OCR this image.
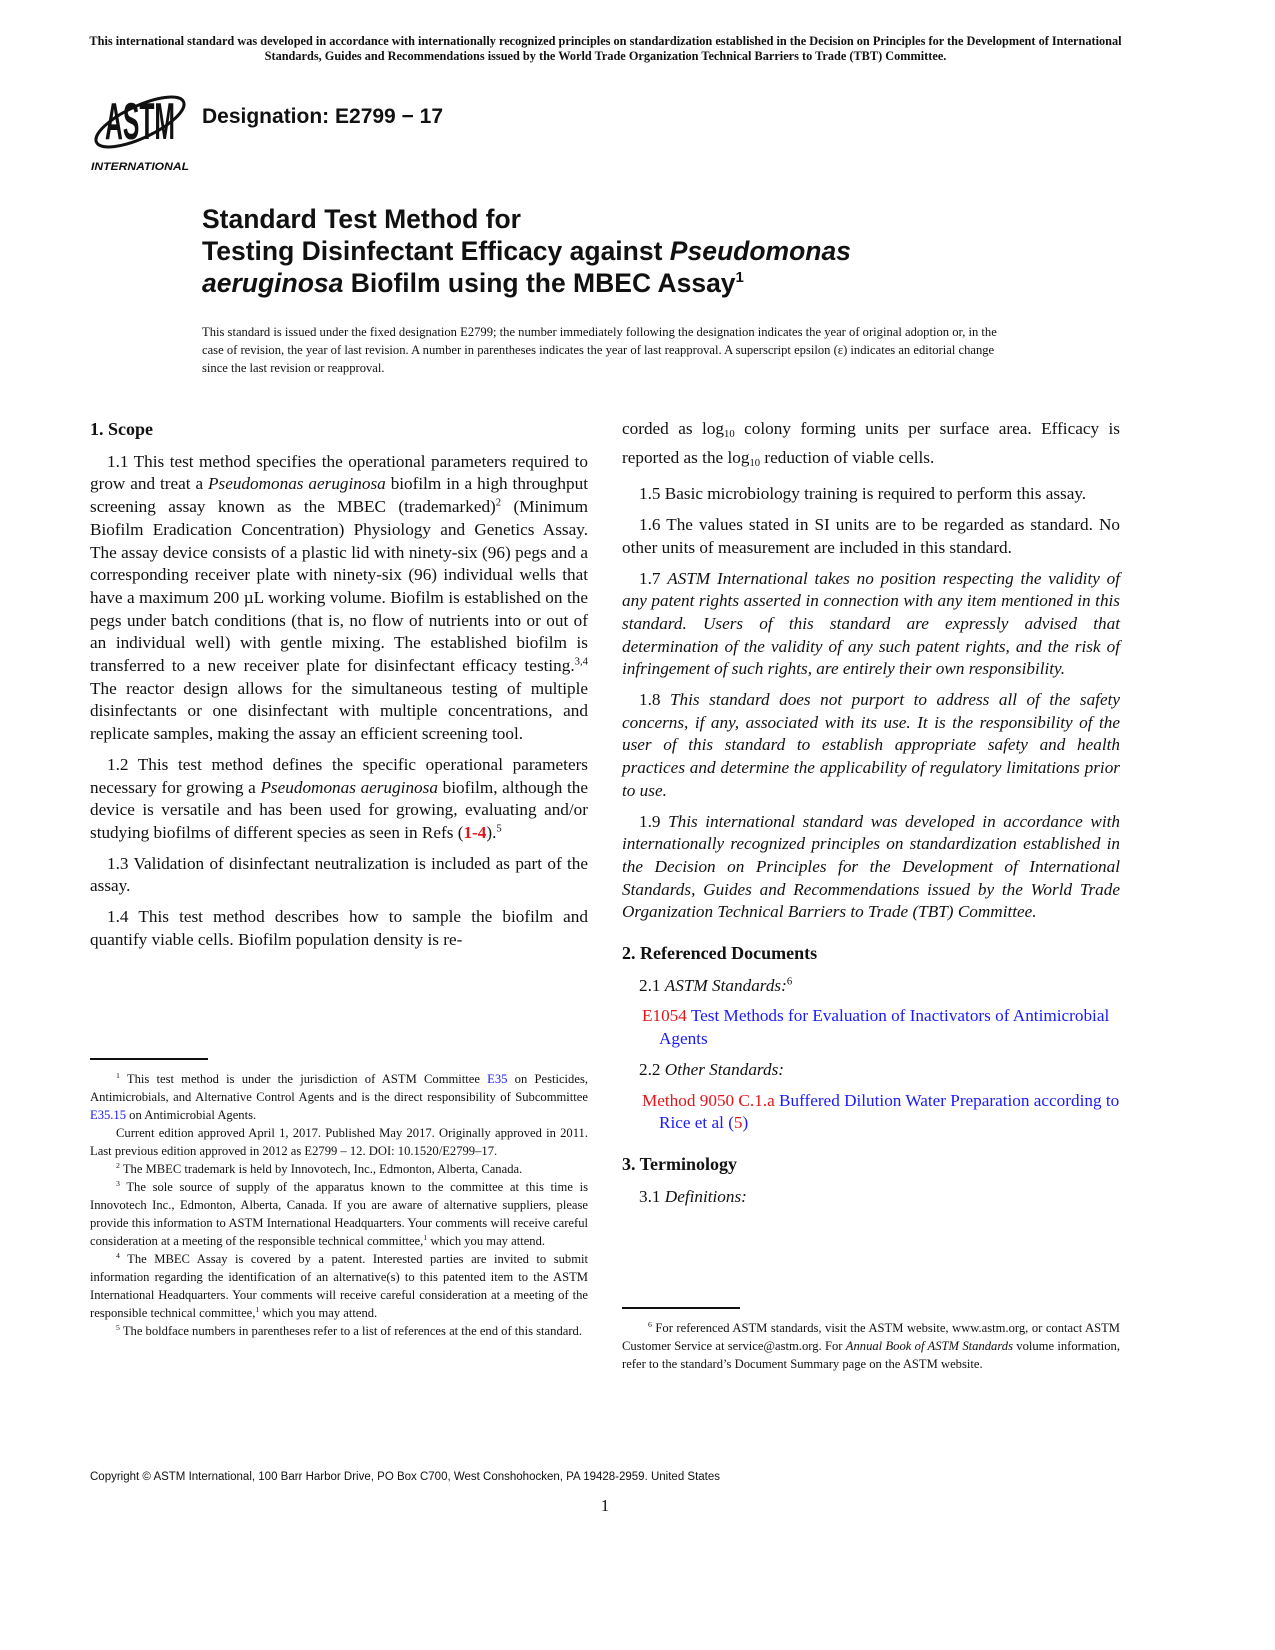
This international standard was developed in accordance with internationally recognized principles on standardization established in the Decision on Principles for the Development of International Standards, Guides and Recommendations issued by the World Trade Organization Technical Barriers to Trade (TBT) Committee.
ASTM
INTERNATIONAL
Designation: E2799 − 17
Standard Test Method for
Testing Disinfectant Efficacy against Pseudomonas
aeruginosa Biofilm using the MBEC Assay$^1$
This standard is issued under the fixed designation E2799; the number immediately following the designation indicates the year of original adoption or, in the case of revision, the year of last revision. A number in parentheses indicates the year of last reapproval. A superscript epsilon (ε) indicates an editorial change since the last revision or reapproval.
1. Scope

1.1 This test method specifies the operational parameters required to grow and treat a Pseudomonas aeruginosa biofilm in a high throughput screening assay known as the MBEC (trademarked)$^2$ (Minimum Biofilm Eradication Concentration) Physiology and Genetics Assay. The assay device consists of a plastic lid with ninety-six (96) pegs and a corresponding receiver plate with ninety-six (96) individual wells that have a maximum 200 µL working volume. Biofilm is established on the pegs under batch conditions (that is, no flow of nutrients into or out of an individual well) with gentle mixing. The established biofilm is transferred to a new receiver plate for disinfectant efficacy testing.$^{3,4}$ The reactor design allows for the simultaneous testing of multiple disinfectants or one disinfectant with multiple concentrations, and replicate samples, making the assay an efficient screening tool.

1.2 This test method defines the specific operational parameters necessary for growing a Pseudomonas aeruginosa biofilm, although the device is versatile and has been used for growing, evaluating and/or studying biofilms of different species as seen in Refs (1-4).$^5$

1.3 Validation of disinfectant neutralization is included as part of the assay.

1.4 This test method describes how to sample the biofilm and quantify viable cells. Biofilm population density is re-

corded as $\log_{10}$ colony forming units per surface area. Efficacy is reported as the $\log_{10}$ reduction of viable cells.

1.5 Basic microbiology training is required to perform this assay.

1.6 The values stated in SI units are to be regarded as standard. No other units of measurement are included in this standard.

1.7 ASTM International takes no position respecting the validity of any patent rights asserted in connection with any item mentioned in this standard. Users of this standard are expressly advised that determination of the validity of any such patent rights, and the risk of infringement of such rights, are entirely their own responsibility.

1.8 This standard does not purport to address all of the safety concerns, if any, associated with its use. It is the responsibility of the user of this standard to establish appropriate safety and health practices and determine the applicability of regulatory limitations prior to use.

1.9 This international standard was developed in accordance with internationally recognized principles on standardization established in the Decision on Principles for the Development of International Standards, Guides and Recommendations issued by the World Trade Organization Technical Barriers to Trade (TBT) Committee.

2. Referenced Documents

2.1 ASTM Standards:$^6$

E1054 Test Methods for Evaluation of Inactivators of Antimicrobial Agents

2.2 Other Standards:

Method 9050 C.1.a Buffered Dilution Water Preparation according to Rice et al (5)

3. Terminology

3.1 Definitions:

$^1$ This test method is under the jurisdiction of ASTM Committee E35 on Pesticides, Antimicrobials, and Alternative Control Agents and is the direct responsibility of Subcommittee E35.15 on Antimicrobial Agents.

Current edition approved April 1, 2017. Published May 2017. Originally approved in 2011. Last previous edition approved in 2012 as E2799 – 12. DOI: 10.1520/E2799–17.

$^2$ The MBEC trademark is held by Innovotech, Inc., Edmonton, Alberta, Canada.

$^3$ The sole source of supply of the apparatus known to the committee at this time is Innovotech Inc., Edmonton, Alberta, Canada. If you are aware of alternative suppliers, please provide this information to ASTM International Headquarters. Your comments will receive careful consideration at a meeting of the responsible technical committee,$^1$ which you may attend.

$^4$ The MBEC Assay is covered by a patent. Interested parties are invited to submit information regarding the identification of an alternative(s) to this patented item to the ASTM International Headquarters. Your comments will receive careful consideration at a meeting of the responsible technical committee,$^1$ which you may attend.

$^5$ The boldface numbers in parentheses refer to a list of references at the end of this standard.	$^6$ For referenced ASTM standards, visit the ASTM website, www.astm.org, or contact ASTM Customer Service at service@astm.org. For Annual Book of ASTM Standards volume information, refer to the standard’s Document Summary page on the ASTM website.

Copyright © ASTM International, 100 Barr Harbor Drive, PO Box C700, West Conshohocken, PA 19428-2959. United States
1
